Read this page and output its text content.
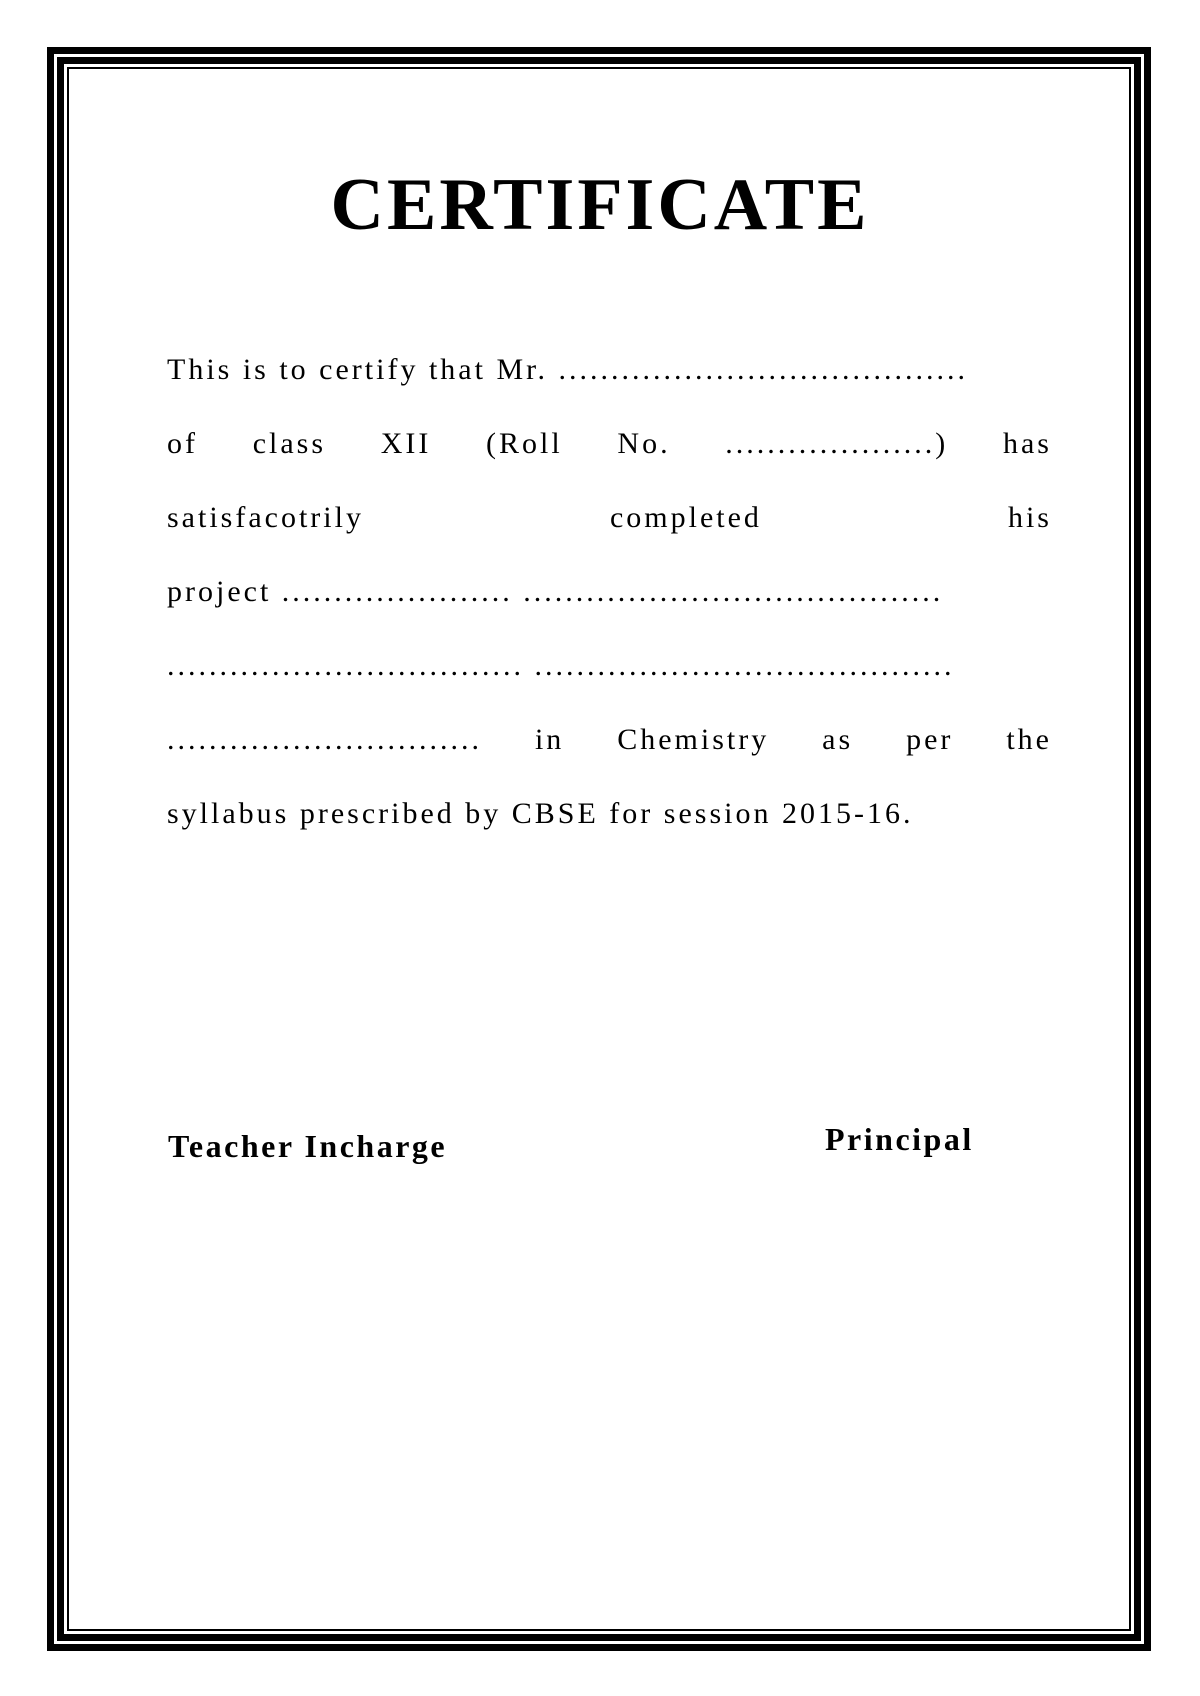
CERTIFICATE
This is to certify that Mr. .......................................
of class XII (Roll No. ....................) has
satisfacotrily	completed	his
project ...................... ........................................
.................................. ........................................
.............................. in Chemistry as per the
syllabus prescribed by CBSE for session 2015-16.
Teacher Incharge	Principal
